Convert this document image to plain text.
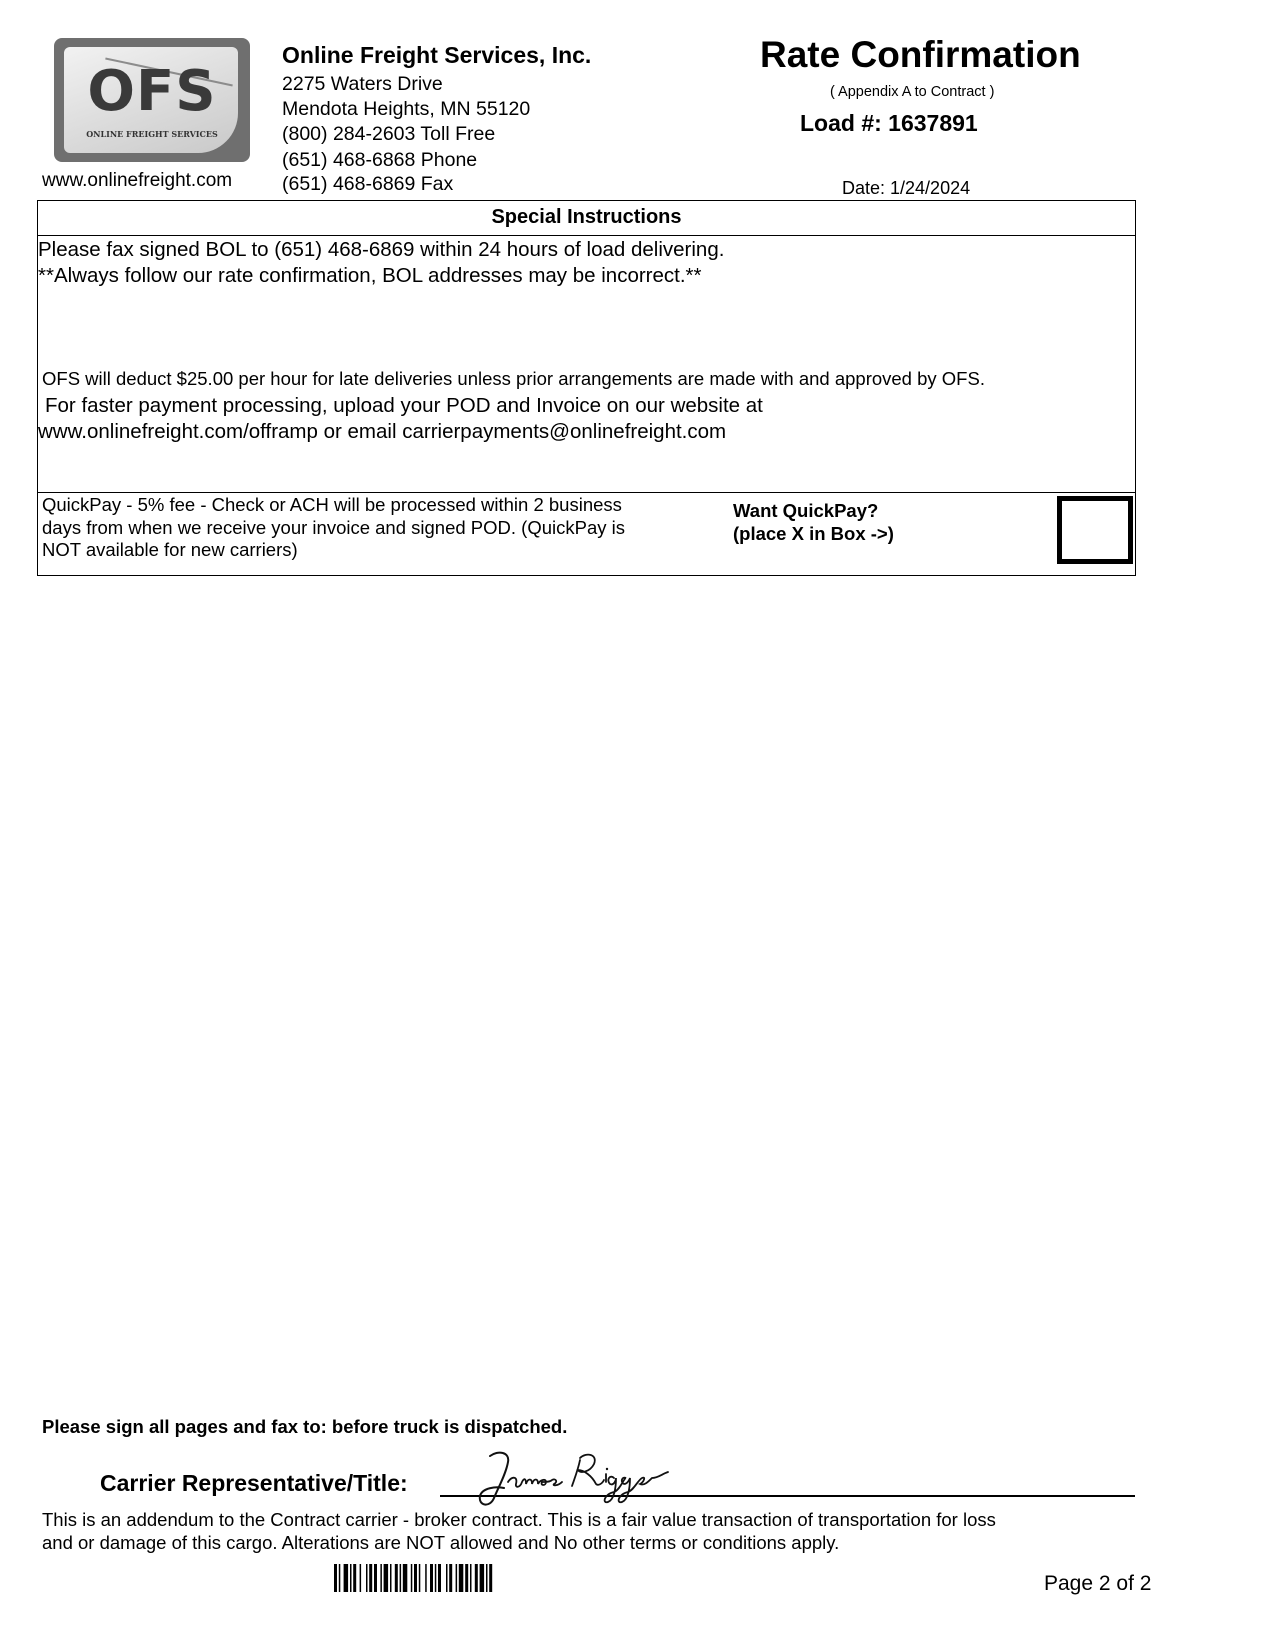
OFS
ONLINE FREIGHT SERVICES
www.onlinefreight.com
Online Freight Services, Inc.
2275 Waters Drive
Mendota Heights, MN 55120
(800) 284-2603 Toll Free
(651) 468-6868 Phone
(651) 468-6869 Fax
Rate Confirmation
( Appendix A to Contract )
Load #: 1637891
Date: 1/24/2024
Special Instructions
Please fax signed BOL to (651) 468-6869 within 24 hours of load delivering.
**Always follow our rate confirmation, BOL addresses may be incorrect.**
OFS will deduct $25.00 per hour for late deliveries unless prior arrangements are made with and approved by OFS.
For faster payment processing, upload your POD and Invoice on our website at
www.onlinefreight.com/offramp or email carrierpayments@onlinefreight.com
QuickPay - 5% fee - Check or ACH will be processed within 2 business
days from when we receive your invoice and signed POD. (QuickPay is
NOT available for new carriers)
Want QuickPay?
(place X in Box ->)
Please sign all pages and fax to: before truck is dispatched.
Carrier Representative/Title:
This is an addendum to the Contract carrier - broker contract. This is a fair value transaction of transportation for loss
and or damage of this cargo. Alterations are NOT allowed and No other terms or conditions apply.
Page 2 of 2
